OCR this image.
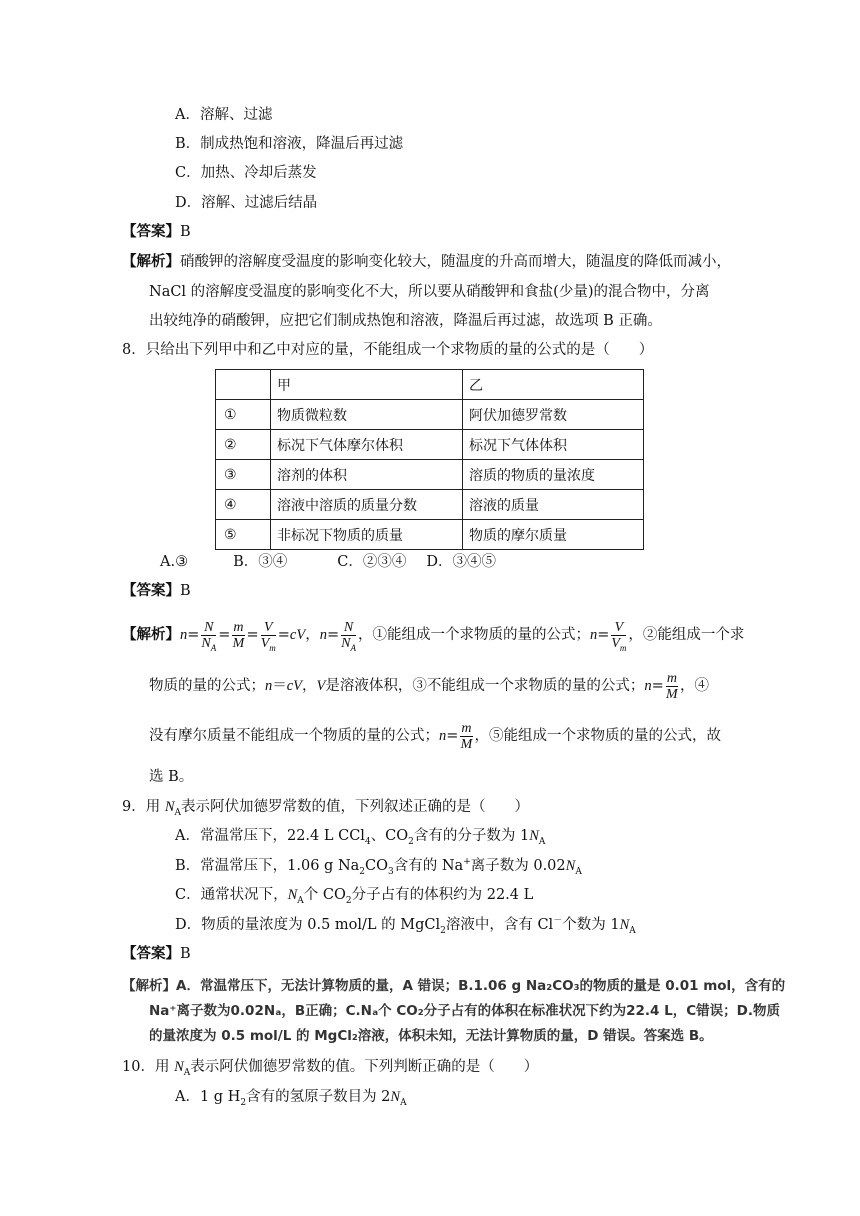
A．溶解、过滤
B．制成热饱和溶液，降温后再过滤
C．加热、冷却后蒸发
D．溶解、过滤后结晶
【答案】B
【解析】硝酸钾的溶解度受温度的影响变化较大，随温度的升高而增大，随温度的降低而减小，
NaCl 的溶解度受温度的影响变化不大，所以要从硝酸钾和食盐(少量)的混合物中，分离
出较纯净的硝酸钾，应把它们制成热饱和溶液，降温后再过滤，故选项 B 正确。
8．只给出下列甲中和乙中对应的量，不能组成一个求物质的量的公式的是（　　）
	甲	乙
①	物质微粒数	阿伏加德罗常数
②	标况下气体摩尔体积	标况下气体体积
③	溶剂的体积	溶质的物质的量浓度
④	溶液中溶质的质量分数	溶液的质量
⑤	非标况下物质的质量	物质的摩尔质量
A.③	B．③④	C．②③④ D．③④⑤
【答案】B
【解析】$n= \frac{N}{N_A} = \frac{m}{M} = \frac{V}{V_m} =cV$，$n= \frac{N}{N_A}$ ，①能组成一个求物质的量的公式；$n= \frac{V}{V_m}$ ，②能组成一个求
物质的量的公式；n＝cV，V是溶液体积，③不能组成一个求物质的量的公式；$n= \frac{m}{M}$ ，④
没有摩尔质量不能组成一个物质的量的公式；$n= \frac{m}{M}$ ，⑤能组成一个求物质的量的公式，故
选 B。
9．用 $N_A$表示阿伏加德罗常数的值，下列叙述正确的是（　　）
A．常温常压下，22.4 L CCl$_4$、$CO_2$含有的分子数为 $1N_A$
B．常温常压下，1.06 g $Na_2CO_3$含有的 Na+离子数为 $0.02N_A$
C．通常状况下，$N_A$个 $CO_2$分子占有的体积约为 22.4 L
D．物质的量浓度为 0.5 mol/L 的 MgCl$_2$溶液中，含有 Cl－个数为 $1N_A$
【答案】B
【解析】A．常温常压下，无法计算物质的量，A 错误；B.1.06 g Na₂CO₃的物质的量是 0.01 mol，含有的
Na⁺离子数为0.02Nₐ，B正确；C.Nₐ个 CO₂分子占有的体积在标准状况下约为22.4 L，C错误；D.物质
的量浓度为 0.5 mol/L 的 MgCl₂溶液，体积未知，无法计算物质的量，D 错误。答案选 B。
10．用 $N_A$表示阿伏伽德罗常数的值。下列判断正确的是（　　）
A．1 g $H_2$含有的氢原子数目为 $2N_A$
